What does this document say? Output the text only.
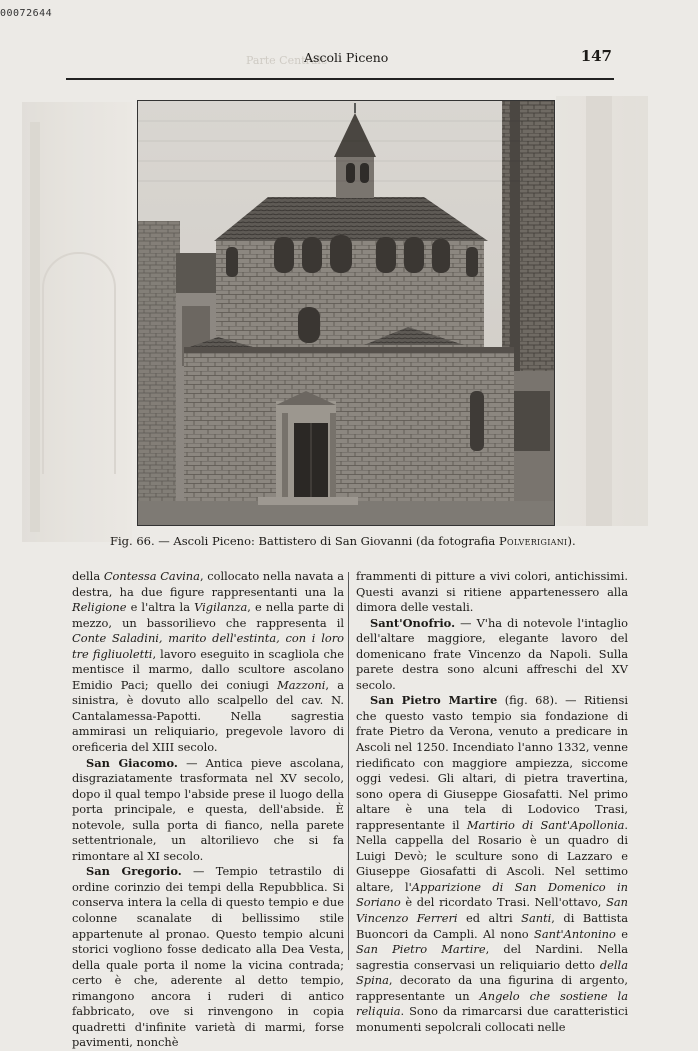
00072644
Parte Centrale
Ascoli Piceno	147
Fig. 66. — Ascoli Piceno: Battistero di San Giovanni (da fotografia Polverigiani).

della Contessa Cavina, collocato nella navata a destra, ha due figure rappresentanti una la Religione e l'altra la Vigilanza, e nella parte di mezzo, un bassorilievo che rappresenta il Conte Saladini, marito dell'estinta, con i loro tre figliuoletti, lavoro eseguito in scagliola che mentisce il marmo, dallo scultore ascolano Emidio Paci; quello dei coniugi Mazzoni, a sinistra, è dovuto allo scalpello del cav. N. Cantalamessa-Papotti. Nella sagrestia ammirasi un reliquiario, pregevole lavoro di oreficeria del XIII secolo.

San Giacomo. — Antica pieve ascolana, disgraziatamente trasformata nel XV secolo, dopo il qual tempo l'abside prese il luogo della porta principale, e questa, dell'abside. È notevole, sulla porta di fianco, nella parete settentrionale, un altorilievo che si fa rimontare al XI secolo.

San Gregorio. — Tempio tetrastilo di ordine corinzio dei tempi della Repubblica. Si conserva intera la cella di questo tempio e due colonne scanalate di bellissimo stile appartenute al pronao. Questo tempio alcuni storici vogliono fosse dedicato alla Dea Vesta, della quale porta il nome la vicina contrada; certo è che, aderente al detto tempio, rimangono ancora i ruderi di antico fabbricato, ove si rinvengono in copia quadretti d'infinite varietà di marmi, forse pavimenti, nonchè

frammenti di pitture a vivi colori, antichissimi. Questi avanzi si ritiene appartenessero alla dimora delle vestali.

Sant'Onofrio. — V'ha di notevole l'intaglio dell'altare maggiore, elegante lavoro del domenicano frate Vincenzo da Napoli. Sulla parete destra sono alcuni affreschi del XV secolo.

San Pietro Martire (fig. 68). — Ritiensi che questo vasto tempio sia fondazione di frate Pietro da Verona, venuto a predicare in Ascoli nel 1250. Incendiato l'anno 1332, venne riedificato con maggiore ampiezza, siccome oggi vedesi. Gli altari, di pietra travertina, sono opera di Giuseppe Giosafatti. Nel primo altare è una tela di Lodovico Trasi, rappresentante il Martirio di Sant'Apollonia. Nella cappella del Rosario è un quadro di Luigi Devò; le sculture sono di Lazzaro e Giuseppe Giosafatti di Ascoli. Nel settimo altare, l'Apparizione di San Domenico in Soriano è del ricordato Trasi. Nell'ottavo, San Vincenzo Ferreri ed altri Santi, di Battista Buoncori da Campli. Al nono Sant'Antonino e San Pietro Martire, del Nardini. Nella sagrestia conservasi un reliquiario detto della Spina, decorato da una figurina di argento, rappresentante un Angelo che sostiene la reliquia. Sono da rimarcarsi due caratteristici monumenti sepolcrali collocati nelle
